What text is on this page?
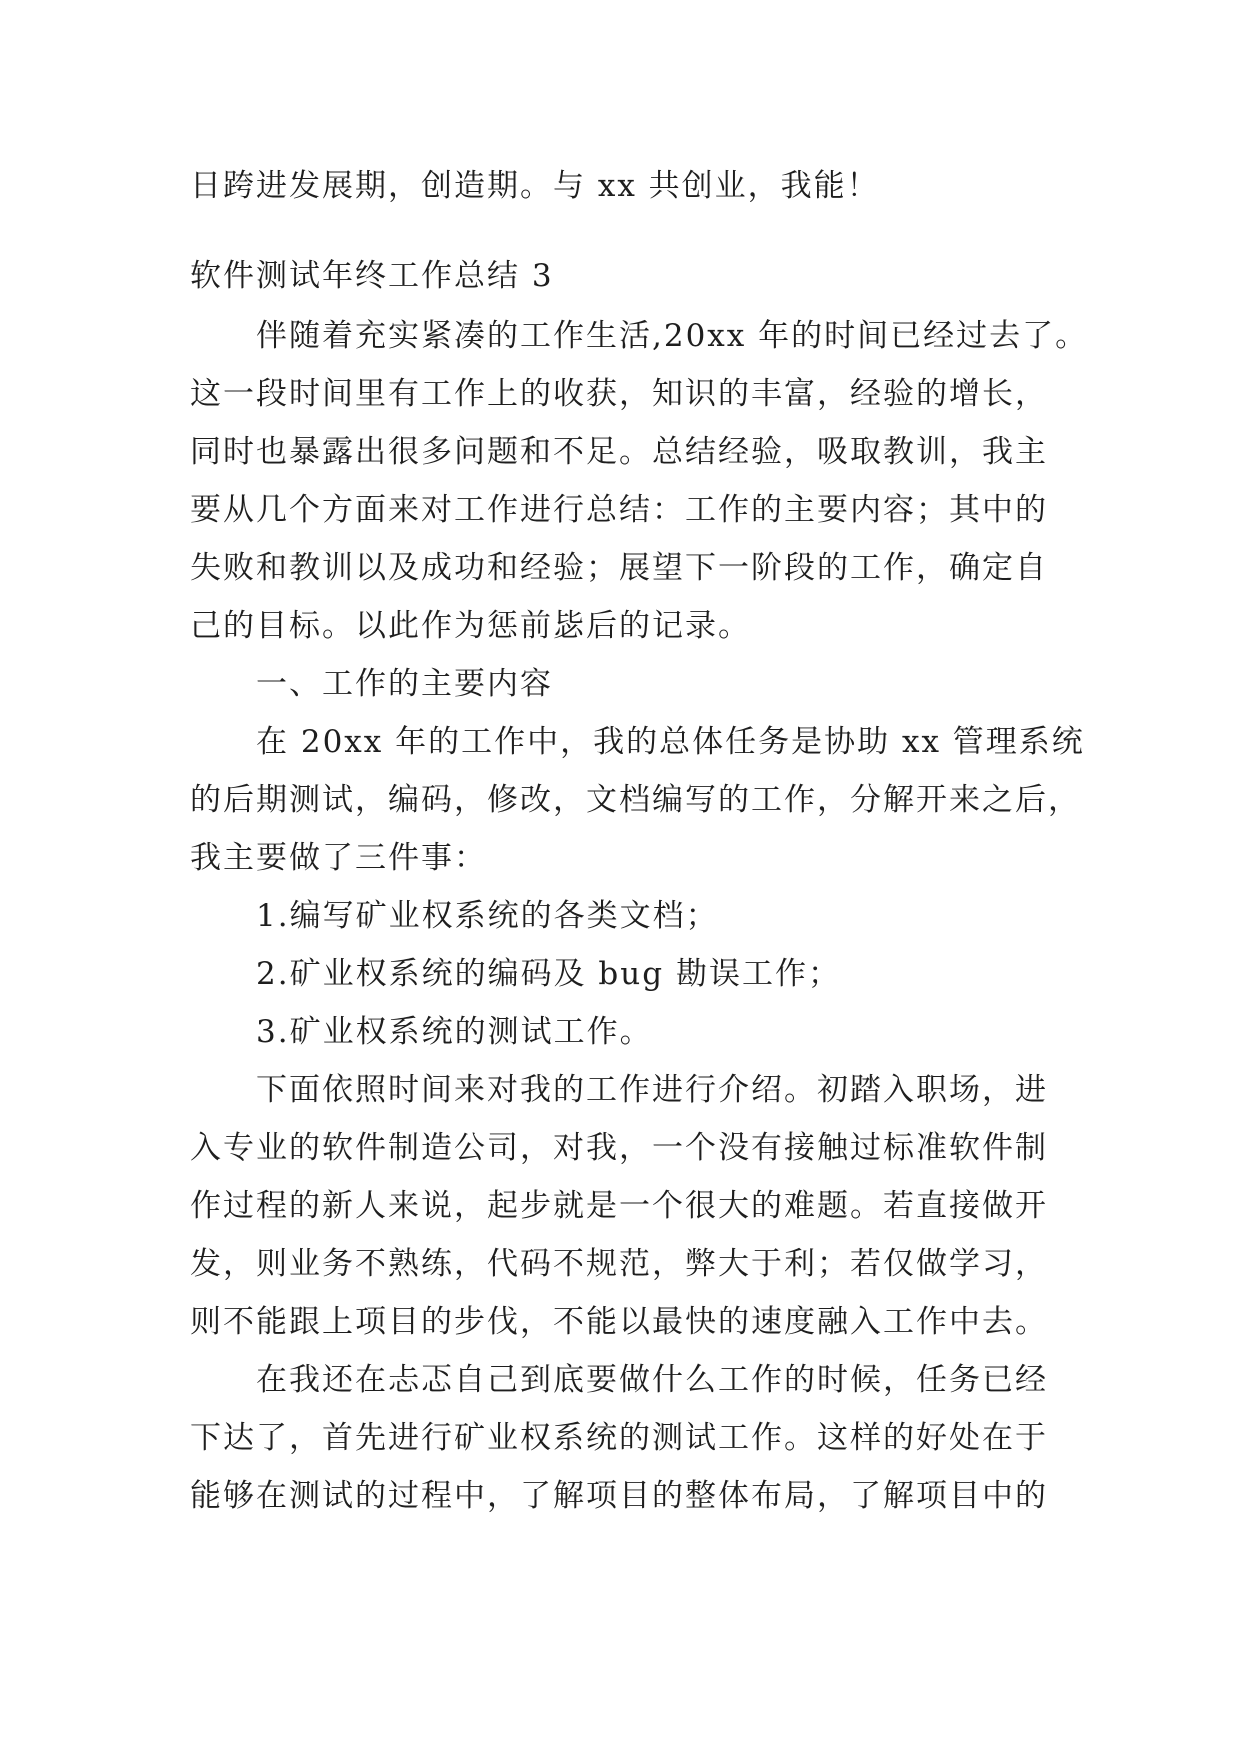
日跨进发展期，创造期。与 xx 共创业，我能！
软件测试年终工作总结 3
伴随着充实紧凑的工作生活,20xx 年的时间已经过去了。
这一段时间里有工作上的收获，知识的丰富，经验的增长，
同时也暴露出很多问题和不足。总结经验，吸取教训，我主
要从几个方面来对工作进行总结：工作的主要内容；其中的
失败和教训以及成功和经验；展望下一阶段的工作，确定自
己的目标。以此作为惩前毖后的记录。
一、工作的主要内容
在 20xx 年的工作中，我的总体任务是协助 xx 管理系统
的后期测试，编码，修改，文档编写的工作，分解开来之后，
我主要做了三件事：
1.编写矿业权系统的各类文档；
2.矿业权系统的编码及 bug 勘误工作；
3.矿业权系统的测试工作。
下面依照时间来对我的工作进行介绍。初踏入职场，进
入专业的软件制造公司，对我，一个没有接触过标准软件制
作过程的新人来说，起步就是一个很大的难题。若直接做开
发，则业务不熟练，代码不规范，弊大于利；若仅做学习，
则不能跟上项目的步伐，不能以最快的速度融入工作中去。
在我还在忐忑自己到底要做什么工作的时候，任务已经
下达了，首先进行矿业权系统的测试工作。这样的好处在于
能够在测试的过程中，了解项目的整体布局，了解项目中的
